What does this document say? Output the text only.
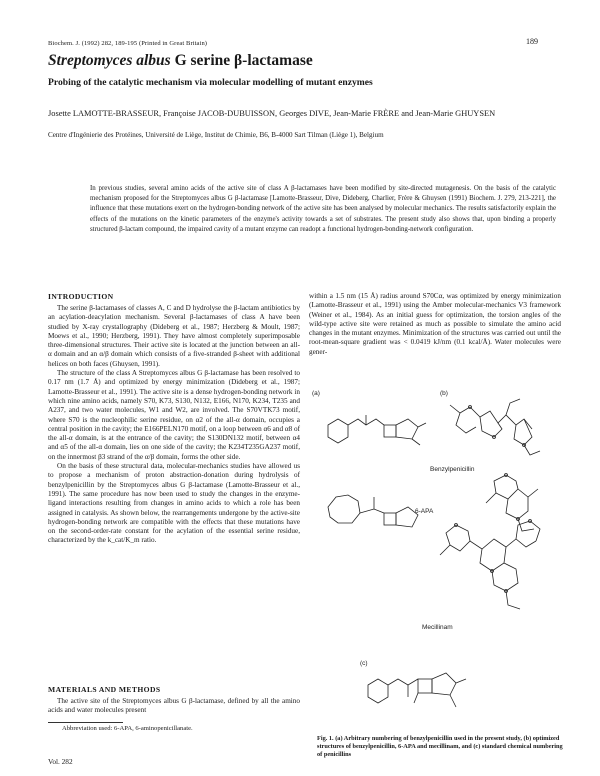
Biochem. J. (1992) 282, 189-195 (Printed in Great Britain)	189
Streptomyces albus G serine β-lactamase
Probing of the catalytic mechanism via molecular modelling of mutant enzymes
Josette LAMOTTE-BRASSEUR, Françoise JACOB-DUBUISSON, Georges DIVE, Jean-Marie FRÈRE and Jean-Marie GHUYSEN
Centre d'Ingénierie des Protéines, Université de Liège, Institut de Chimie, B6, B-4000 Sart Tilman (Liège 1), Belgium
In previous studies, several amino acids of the active site of class A β-lactamases have been modified by site-directed mutagenesis. On the basis of the catalytic mechanism proposed for the Streptomyces albus G β-lactamase [Lamotte-Brasseur, Dive, Dideberg, Charlier, Frère & Ghuysen (1991) Biochem. J. 279, 213-221], the influence that these mutations exert on the hydrogen-bonding network of the active site has been analysed by molecular mechanics. The results satisfactorily explain the effects of the mutations on the kinetic parameters of the enzyme's activity towards a set of substrates. The present study also shows that, upon binding a properly structured β-lactam compound, the impaired cavity of a mutant enzyme can readopt a functional hydrogen-bonding-network configuration.
INTRODUCTION

The serine β-lactamases of classes A, C and D hydrolyse the β-lactam antibiotics by an acylation-deacylation mechanism. Several β-lactamases of class A have been studied by X-ray crystallography (Dideberg et al., 1987; Herzberg & Moult, 1987; Moews et al., 1990; Herzberg, 1991). They have almost completely superimposable three-dimensional structures. Their active site is located at the junction between an all-α domain and an α/β domain which consists of a five-stranded β-sheet with additional helices on both faces (Ghuysen, 1991).

The structure of the class A Streptomyces albus G β-lactamase has been resolved to 0.17 nm (1.7 Å) and optimized by energy minimization (Dideberg et al., 1987; Lamotte-Brasseur et al., 1991). The active site is a dense hydrogen-bonding network in which nine amino acids, namely S70, K73, S130, N132, E166, N170, K234, T235 and A237, and two water molecules, W1 and W2, are involved. The S70VTK73 motif, where S70 is the nucleophilic serine residue, on α2 of the all-α domain, occupies a central position in the cavity; the E166PELN170 motif, on a loop between α6 and α8 of the all-α domain, is at the entrance of the cavity; the S130DN132 motif, between α4 and α5 of the all-α domain, lies on one side of the cavity; the K234T235GA237 motif, on the innermost β3 strand of the α/β domain, forms the other side.

On the basis of these structural data, molecular-mechanics studies have allowed us to propose a mechanism of proton abstraction-donation during hydrolysis of benzylpenicillin by the Streptomyces albus G β-lactamase (Lamotte-Brasseur et al., 1991). The same procedure has now been used to study the changes in the enzyme-ligand interactions resulting from changes in amino acids to which a role has been assigned in catalysis. As shown below, the rearrangements undergone by the active-site hydrogen-bonding network are compatible with the effects that these mutations have on the second-order-rate constant for the acylation of the essential serine residue, characterized by the k_cat/K_m ratio.

MATERIALS AND METHODS

The active site of the Streptomyces albus G β-lactamase, defined by all the amino acids and water molecules present

within a 1.5 nm (15 Å) radius around S70Cα, was optimized by energy minimization (Lamotte-Brasseur et al., 1991) using the Amber molecular-mechanics V3 framework (Weiner et al., 1984). As an initial guess for optimization, the torsion angles of the wild-type active site were retained as much as possible to simulate the amino acid changes in the mutant enzymes. Minimization of the structures was carried out until the root-mean-square gradient was < 0.0419 kJ/nm (0.1 kcal/Å). Water molecules were gener-

(a)	(b)
(c)
Benzylpenicillin
6-APA
Mecillinam
Fig. 1. (a) Arbitrary numbering of benzylpenicillin used in the present study, (b) optimized structures of benzylpenicillin, 6-APA and mecillinam, and (c) standard chemical numbering of penicillins
Abbreviation used: 6-APA, 6-aminopenicillanate.
Vol. 282
